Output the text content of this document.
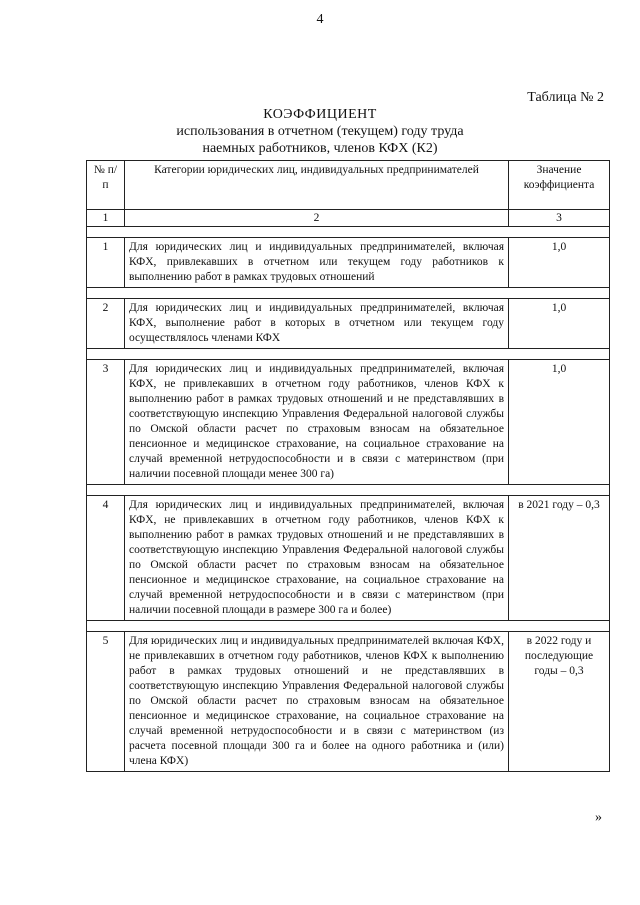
4
Таблица № 2
КОЭФФИЦИЕНТ
использования в отчетном (текущем) году труда
наемных работников, членов КФХ (К2)
№ п/п	Категории юридических лиц, индивидуальных предпринимателей	Значение коэффициента
1	2	3

1	Для юридических лиц и индивидуальных предпринимателей, включая КФХ, привлекавших в отчетном или текущем году работников к выполнению работ в рамках трудовых отношений	1,0

2	Для юридических лиц и индивидуальных предпринимателей, включая КФХ, выполнение работ в которых в отчетном или текущем году осуществлялось членами КФХ	1,0

3	Для юридических лиц и индивидуальных предпринимателей, включая КФХ, не привлекавших в отчетном году работников, членов КФХ к выполнению работ в рамках трудовых отношений и не представлявших в соответствующую инспекцию Управления Федеральной налоговой службы по Омской области расчет по страховым взносам на обязательное пенсионное и медицинское страхование, на социальное страхование на случай временной нетрудоспособности и в связи с материнством (при наличии посевной площади менее 300 га)	1,0

4	Для юридических лиц и индивидуальных предпринимателей, включая КФХ, не привлекавших в отчетном году работников, членов КФХ к выполнению работ в рамках трудовых отношений и не представлявших в соответствующую инспекцию Управления Федеральной налоговой службы по Омской области расчет по страховым взносам на обязательное пенсионное и медицинское страхование, на социальное страхование на случай временной нетрудоспособности и в связи с материнством (при наличии посевной площади в размере 300 га и более)	в 2021 году – 0,3

5	Для юридических лиц и индивидуальных предпринимателей включая КФХ, не привлекавших в отчетном году работников, членов КФХ к выполнению работ в рамках трудовых отношений и не представлявших в соответствующую инспекцию Управления Федеральной налоговой службы по Омской области расчет по страховым взносам на обязательное пенсионное и медицинское страхование, на социальное страхование на случай временной нетрудоспособности и в связи с материнством (из расчета посевной площади 300 га и более на одного работника и (или) члена КФХ)	в 2022 году и последующие годы – 0,3
»
